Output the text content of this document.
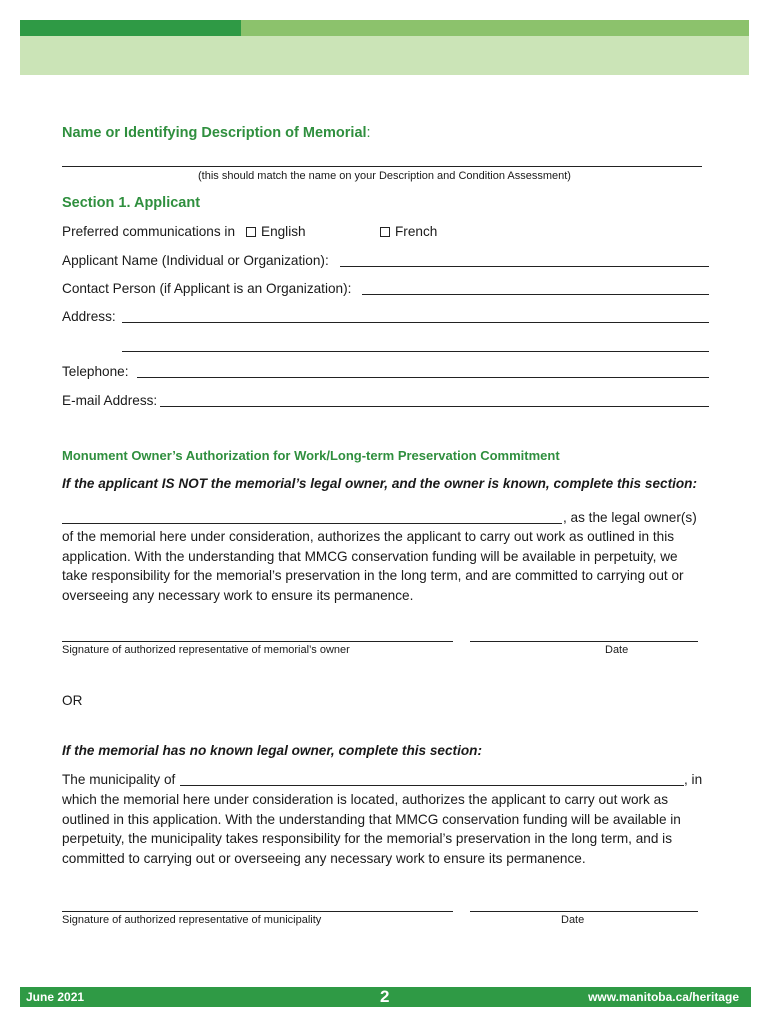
Name or Identifying Description of Memorial:
(this should match the name on your Description and Condition Assessment)
Section 1. Applicant
Preferred communications in	English	French
Applicant Name (Individual or Organization):
Contact Person (if Applicant is an Organization):
Address:
Telephone:
E-mail Address:
Monument Owner’s Authorization for Work/Long-term Preservation Commitment
If the applicant IS NOT the memorial’s legal owner, and the owner is known, complete this section:
, as the legal owner(s)
of the memorial here under consideration, authorizes the applicant to carry out work as outlined in this
application. With the understanding that MMCG conservation funding will be available in perpetuity, we
take responsibility for the memorial’s preservation in the long term, and are committed to carrying out or
overseeing any necessary work to ensure its permanence.
Signature of authorized representative of memorial’s owner	Date
OR
If the memorial has no known legal owner, complete this section:
The municipality of	, in
which the memorial here under consideration is located, authorizes the applicant to carry out work as
outlined in this application. With the understanding that MMCG conservation funding will be available in
perpetuity, the municipality takes responsibility for the memorial’s preservation in the long term, and is
committed to carrying out or overseeing any necessary work to ensure its permanence.
Signature of authorized representative of municipality	Date
June 2021	2	www.manitoba.ca/heritage
